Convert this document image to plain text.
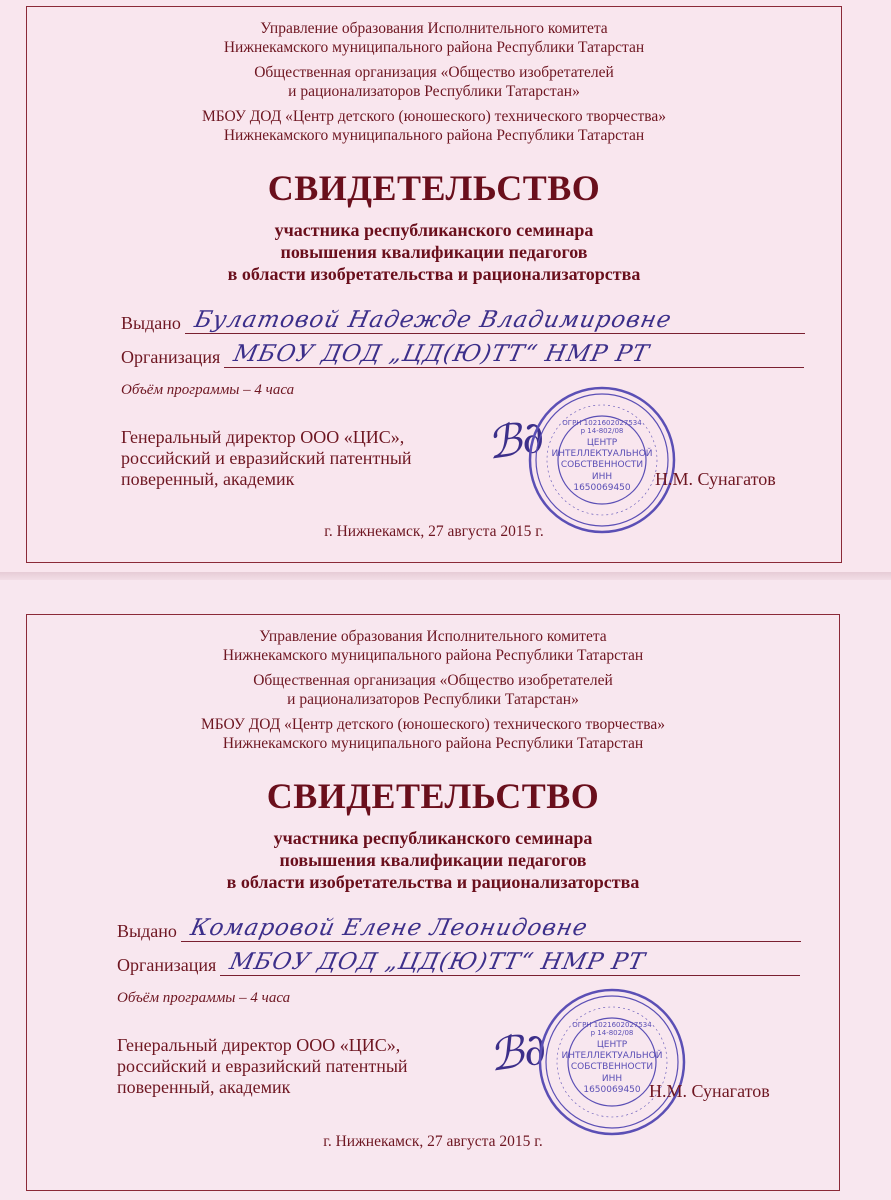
Управление образования Исполнительного комитета
Нижнекамского муниципального района Республики Татарстан
Общественная организация «Общество изобретателей
и рационализаторов Республики Татарстан»
МБОУ ДОД «Центр детского (юношеского) технического творчества»
Нижнекамского муниципального района Республики Татарстан
СВИДЕТЕЛЬСТВО
участника республиканского семинара
повышения квалификации педагогов
в области изобретательства и рационализаторства
Выдано Булатовой Надежде Владимировне
Организация МБОУ ДОД „ЦД(Ю)ТТ“ НМР РТ
Объём программы – 4 часа
Генеральный директор ООО «ЦИС»,
российский и евразийский патентный
поверенный, академик
ℬ∂	ЦЕНТР
ИНТЕЛЛЕКТУАЛЬНОЙ
СОБСТВЕННОСТИ
ИНН
1650069450
ОГРН 1021602027534
р 14-802/08
Н.М. Сунагатов
г. Нижнекамск, 27 августа 2015 г.
Управление образования Исполнительного комитета
Нижнекамского муниципального района Республики Татарстан
Общественная организация «Общество изобретателей
и рационализаторов Республики Татарстан»
МБОУ ДОД «Центр детского (юношеского) технического творчества»
Нижнекамского муниципального района Республики Татарстан
СВИДЕТЕЛЬСТВО
участника республиканского семинара
повышения квалификации педагогов
в области изобретательства и рационализаторства
Выдано Комаровой Елене Леонидовне
Организация МБОУ ДОД „ЦД(Ю)ТТ“ НМР РТ
Объём программы – 4 часа
Генеральный директор ООО «ЦИС»,
российский и евразийский патентный
поверенный, академик
ℬ∂	ЦЕНТР
ИНТЕЛЛЕКТУАЛЬНОЙ
СОБСТВЕННОСТИ
ИНН
1650069450
ОГРН 1021602027534
р 14-802/08
Н.М. Сунагатов
г. Нижнекамск, 27 августа 2015 г.
